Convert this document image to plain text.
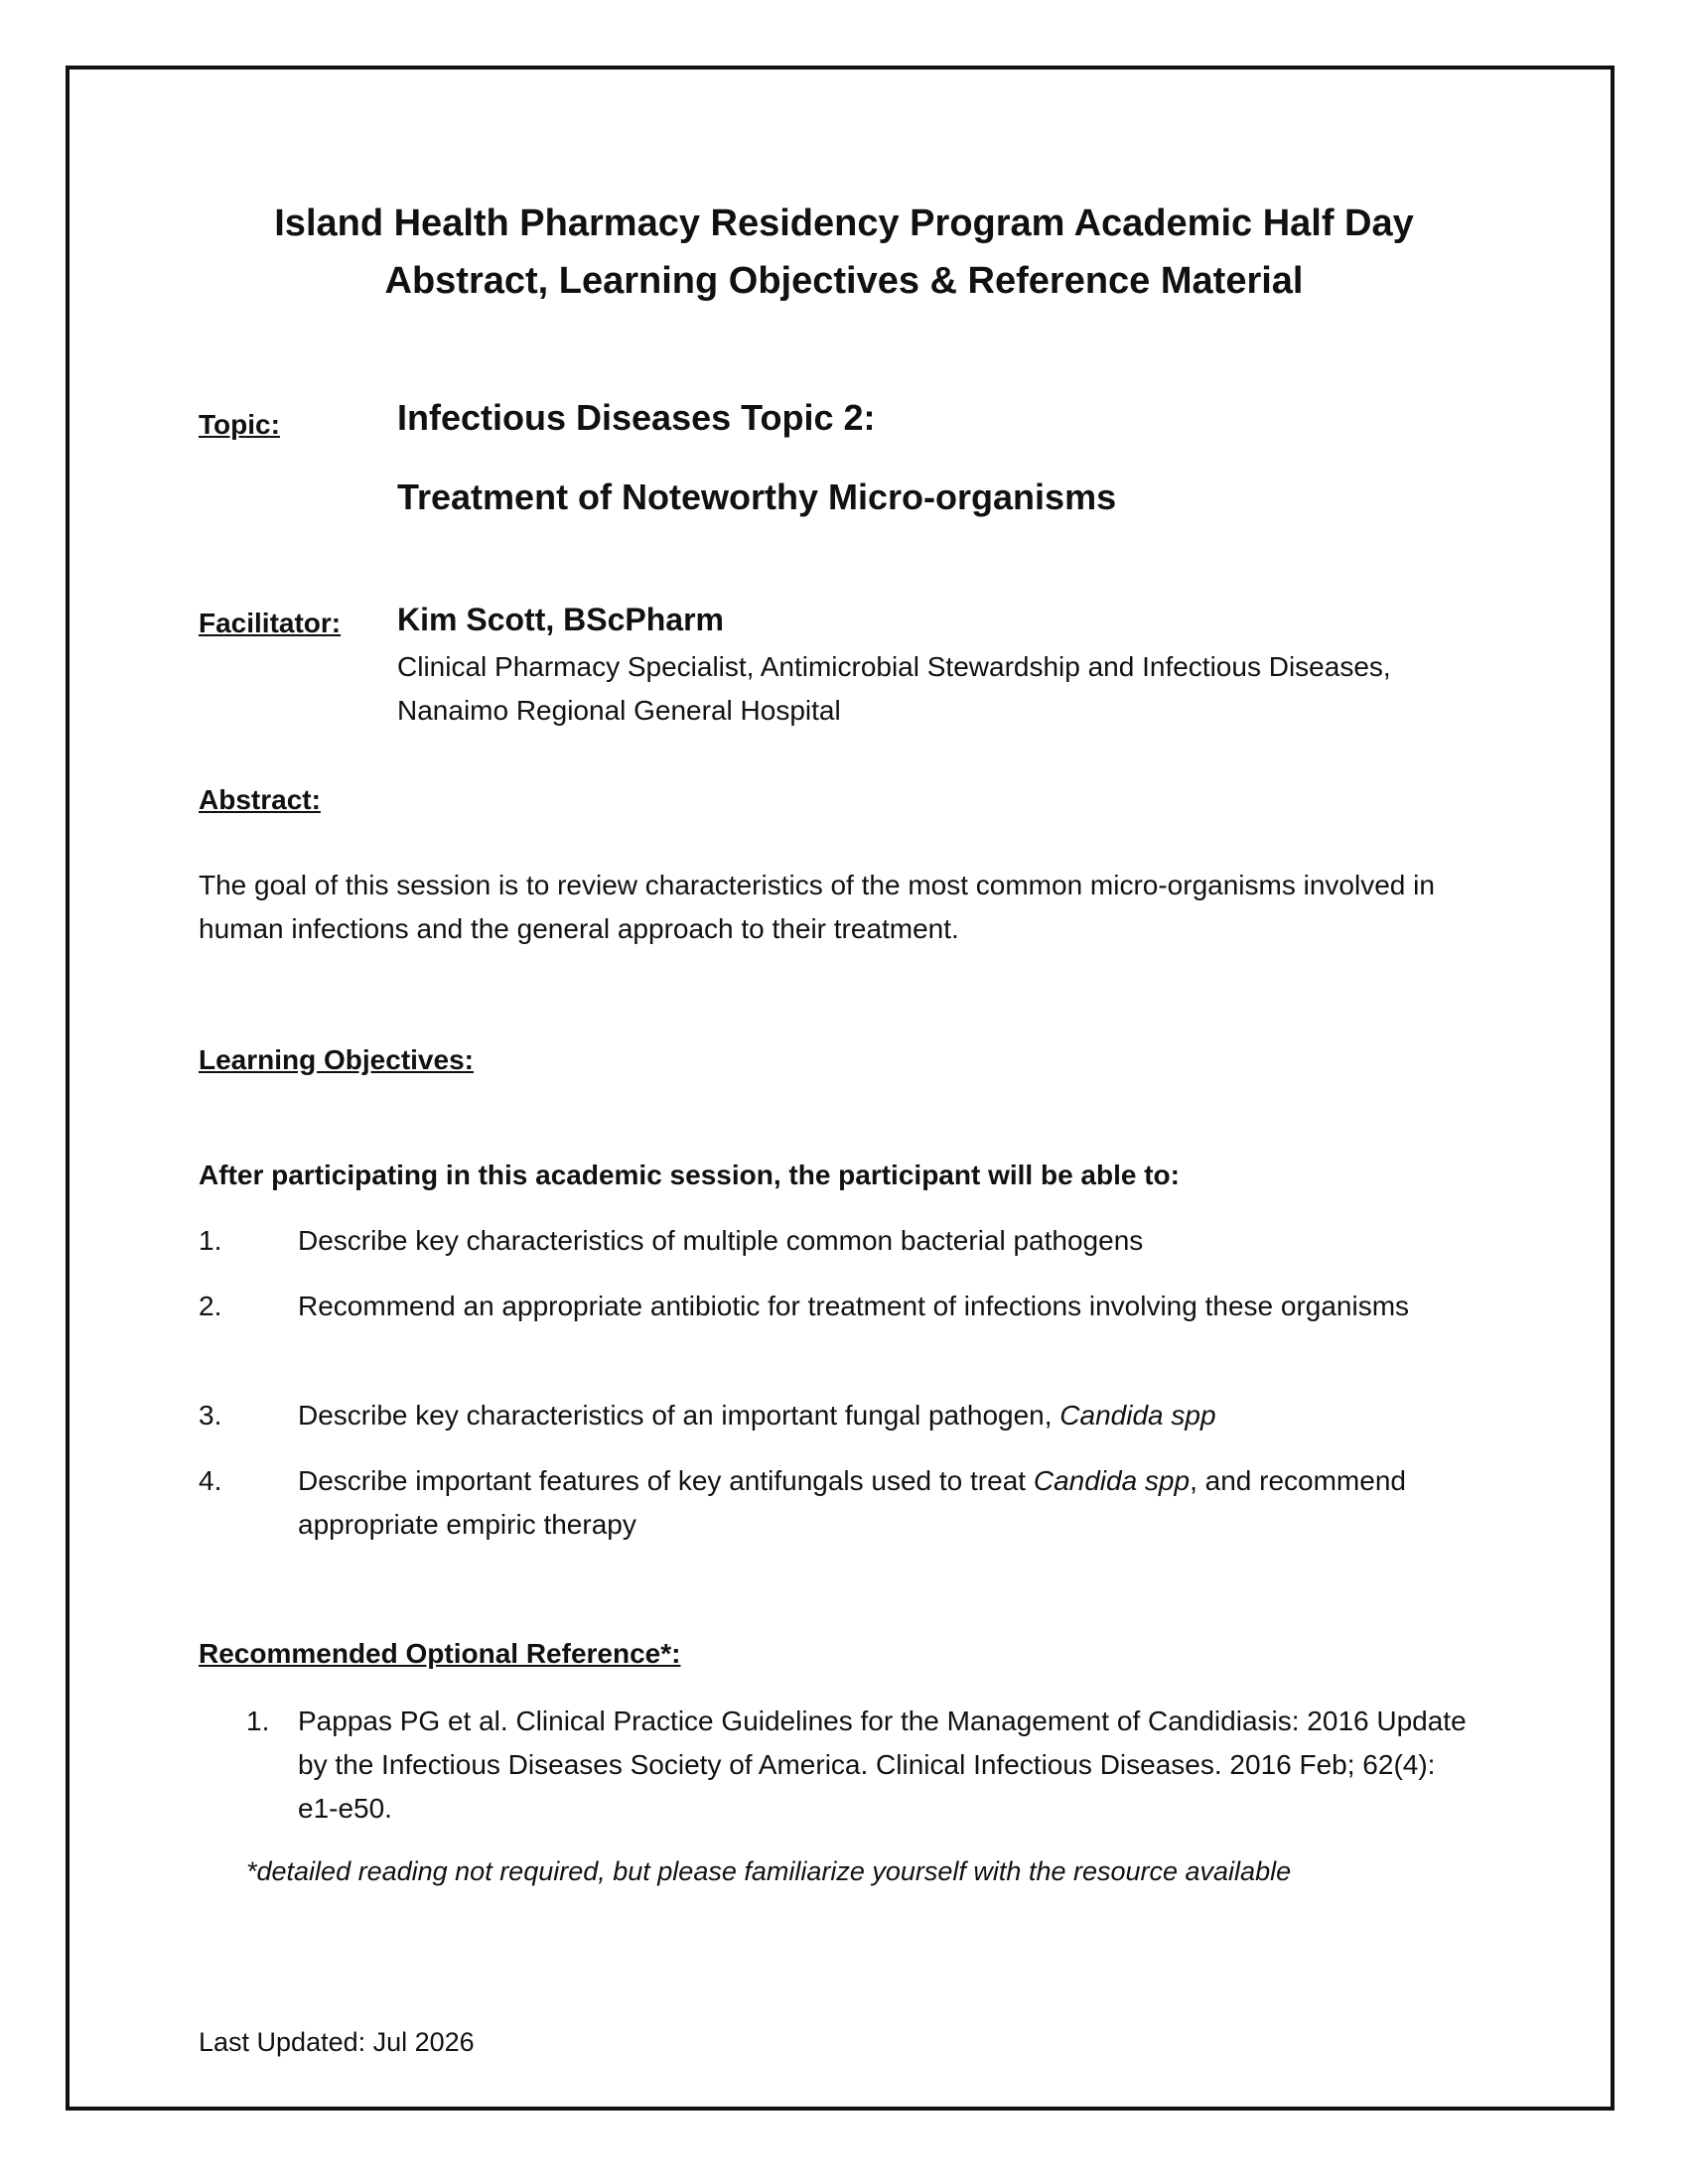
Island Health Pharmacy Residency Program Academic Half Day
Abstract, Learning Objectives & Reference Material
Topic:	Infectious Diseases Topic 2:
Treatment of Noteworthy Micro-organisms
Facilitator: Kim Scott, BScPharm
Clinical Pharmacy Specialist, Antimicrobial Stewardship and Infectious Diseases,
Nanaimo Regional General Hospital
Abstract:
The goal of this session is to review characteristics of the most common micro-organisms involved in human infections and the general approach to their treatment.
Learning Objectives:
After participating in this academic session, the participant will be able to:
1.	Describe key characteristics of multiple common bacterial pathogens
2.	Recommend an appropriate antibiotic for treatment of infections involving these organisms
3.	Describe key characteristics of an important fungal pathogen, Candida spp
4.	Describe important features of key antifungals used to treat Candida spp, and recommend appropriate empiric therapy
Recommended Optional Reference*:
1. Pappas PG et al. Clinical Practice Guidelines for the Management of Candidiasis: 2016 Update by the Infectious Diseases Society of America. Clinical Infectious Diseases. 2016 Feb; 62(4): e1-e50.
*detailed reading not required, but please familiarize yourself with the resource available
Last Updated: Jul 2026
